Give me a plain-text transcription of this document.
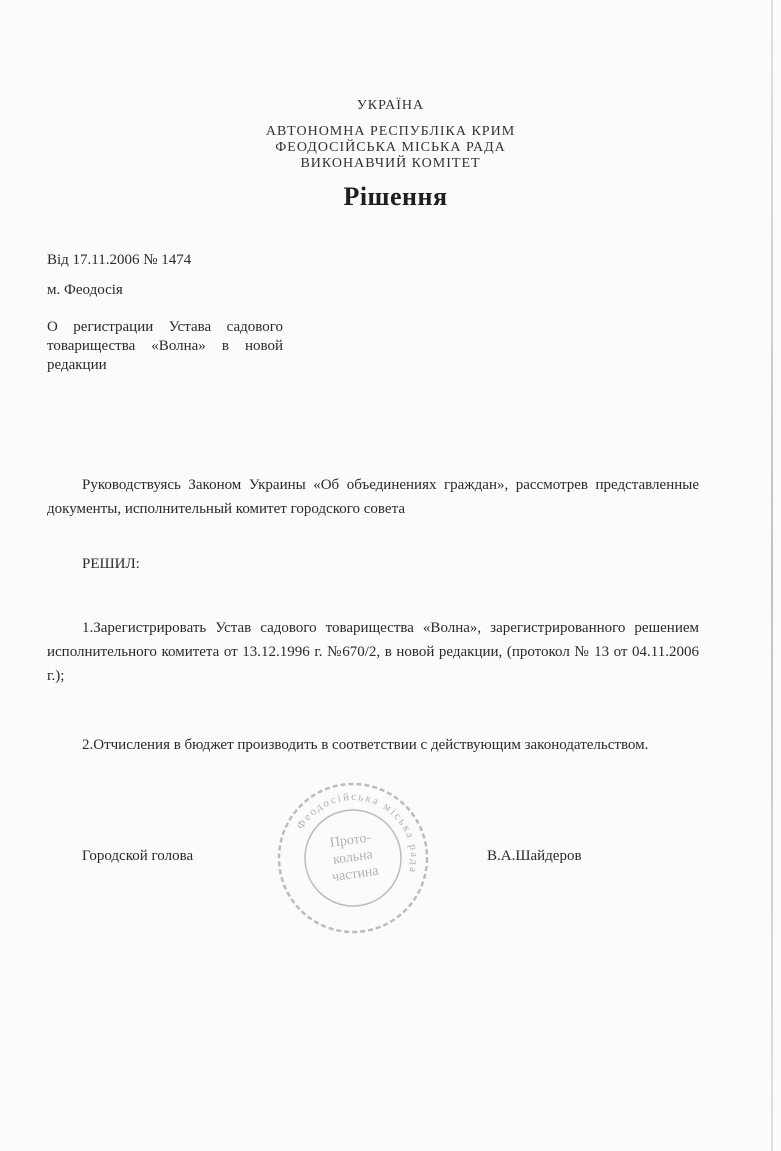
УКРАЇНА
АВТОНОМНА РЕСПУБЛІКА КРИМ
ФЕОДОСІЙСЬКА МІСЬКА РАДА
ВИКОНАВЧИЙ КОМІТЕТ
Рішення
Від 17.11.2006 № 1474
м. Феодосія
О регистрации Устава садового товарищества «Волна» в новой редакции
Руководствуясь Законом Украины «Об объединениях граждан», рассмотрев представленные документы, исполнительный комитет городского совета
РЕШИЛ:
1.Зарегистрировать Устав садового товарищества «Волна», зарегистрированного решением исполнительного комитета от 13.12.1996 г. №670/2, в новой редакции, (протокол № 13 от 04.11.2006 г.);
2.Отчисления в бюджет производить в соответствии с действующим законодательством.
Городской голова	В.А.Шайдеров
Феодосійська міська рада
Прото-
кольна
частина
